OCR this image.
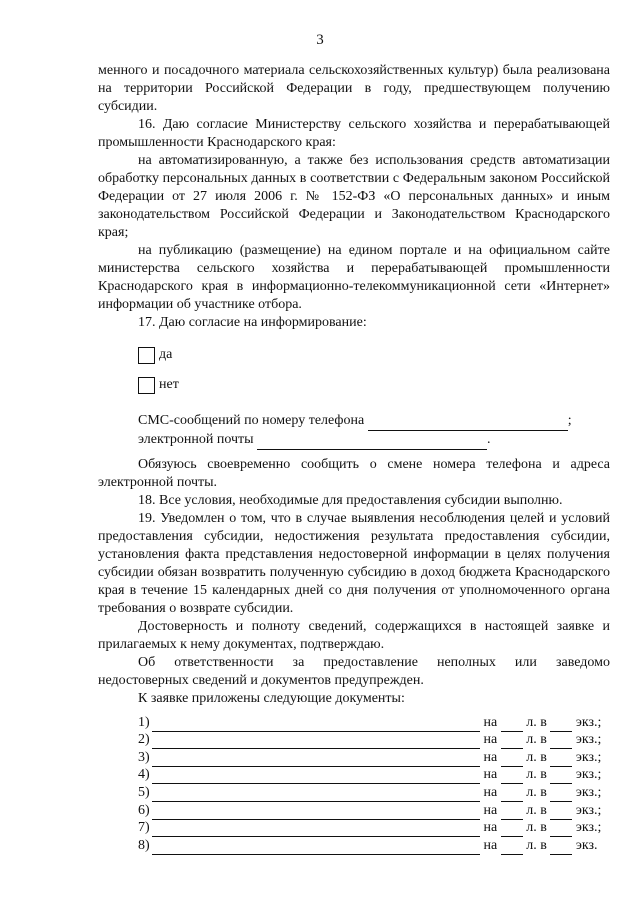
3

менного и посадочного материала сельскохозяйственных культур) была реализована на территории Российской Федерации в году, предшествующем получению субсидии.

16. Даю согласие Министерству сельского хозяйства и перерабатывающей промышленности Краснодарского края:

на автоматизированную, а также без использования средств автоматизации обработку персональных данных в соответствии с Федеральным законом Российской Федерации от 27 июля 2006 г. № 152-ФЗ «О персональных данных» и иным законодательством Российской Федерации и Законодательством Краснодарского края;

на публикацию (размещение) на едином портале и на официальном сайте министерства сельского хозяйства и перерабатывающей промышленности Краснодарского края в информационно-телекоммуникационной сети «Интернет» информации об участнике отбора.

17. Даю согласие на информирование:

да
нет

СМС-сообщений по номеру телефона	;

электронной почты	.

Обязуюсь своевременно сообщить о смене номера телефона и адреса электронной почты.

18. Все условия, необходимые для предоставления субсидии выполню.

19. Уведомлен о том, что в случае выявления несоблюдения целей и условий предоставления субсидии, недостижения результата предоставления субсидии, установления факта представления недостоверной информации в целях получения субсидии обязан возвратить полученную субсидию в доход бюджета Краснодарского края в течение 15 календарных дней со дня получения от уполномоченного органа требования о возврате субсидии.

Достоверность и полноту сведений, содержащихся в настоящей заявке и прилагаемых к нему документах, подтверждаю.

Об ответственности за предоставление неполных или заведомо недостоверных сведений и документов предупрежден.

К заявке приложены следующие документы:

1)	на л. в экз.;
2)	на л. в экз.;
3)	на л. в экз.;
4)	на л. в экз.;
5)	на л. в экз.;
6)	на л. в экз.;
7)	на л. в экз.;
8)	на л. в экз.
